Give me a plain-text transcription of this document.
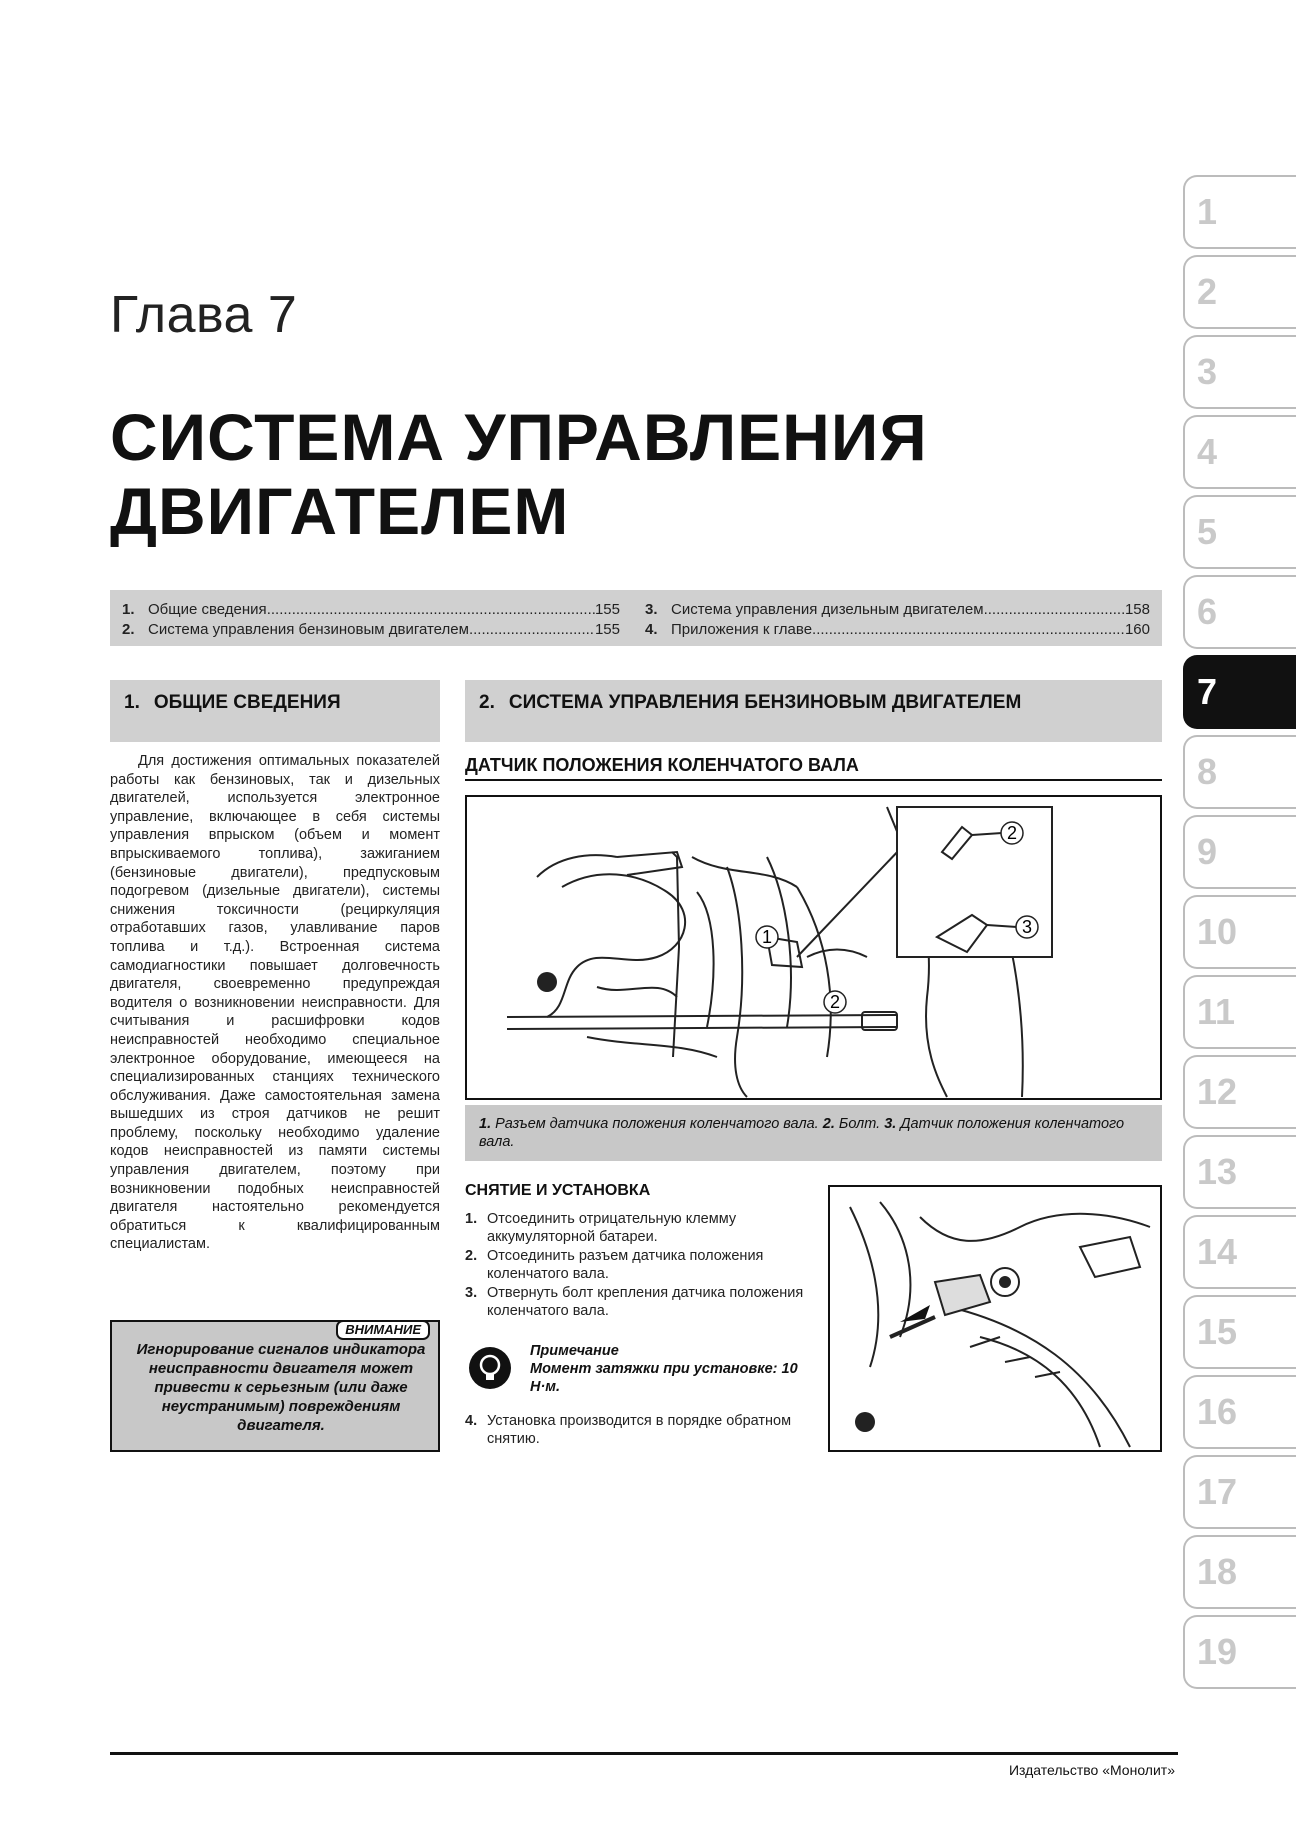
Глава 7
СИСТЕМА УПРАВЛЕНИЯ
ДВИГАТЕЛЕМ
1. Общие сведения .....	155
2. Система управления бензиновым двигателем .....	155
3. Система управления дизельным двигателем .....	158
4. Приложения к главе .....	160
1. ОБЩИЕ СВЕДЕНИЯ

Для достижения оптимальных показателей работы как бензиновых, так и дизельных двигателей, используется электронное управление, включающее в себя системы управления впрыском (объем и момент впрыскиваемого топлива), зажиганием (бензиновые двигатели), предпусковым подогревом (дизельные двигатели), системы снижения токсичности (рециркуляция отработавших газов, улавливание паров топлива и т.д.). Встроенная система самодиагностики повышает долговечность двигателя, своевременно предупреждая водителя о возникновении неисправности. Для считывания и расшифровки кодов неисправностей необходимо специальное электронное оборудование, имеющееся на специализированных станциях технического обслуживания. Даже самостоятельная замена вышедших из строя датчиков не решит проблему, поскольку необходимо удаление кодов неисправностей из памяти системы управления двигателем, поэтому при возникновении подобных неисправностей двигателя настоятельно рекомендуется обратиться к квалифицированным специалистам.

ВНИМАНИЕ
Игнорирование сигналов индикатора неисправности двигателя может привести к серьезным (или даже неустранимым) повреждениям двигателя.
2. СИСТЕМА УПРАВЛЕНИЯ БЕНЗИНОВЫМ ДВИГАТЕЛЕМ
ДАТЧИК ПОЛОЖЕНИЯ КОЛЕНЧАТОГО ВАЛА
1
2
2
3
1. Разъем датчика положения коленчатого вала. 2. Болт. 3. Датчик положения коленчатого вала.
СНЯТИЕ И УСТАНОВКА
1. Отсоединить отрицательную клемму аккумуляторной батареи.
2. Отсоединить разъем датчика положения коленчатого вала.
3. Отвернуть болт крепления датчика положения коленчатого вала.
Примечание
Момент затяжки при установке: 10 Н·м.
4. Установка производится в порядке обратном снятию.
1
2
3
4
5
6
7
8
9
10
11
12
13
14
15
16
17
18
19
Издательство «Монолит»
